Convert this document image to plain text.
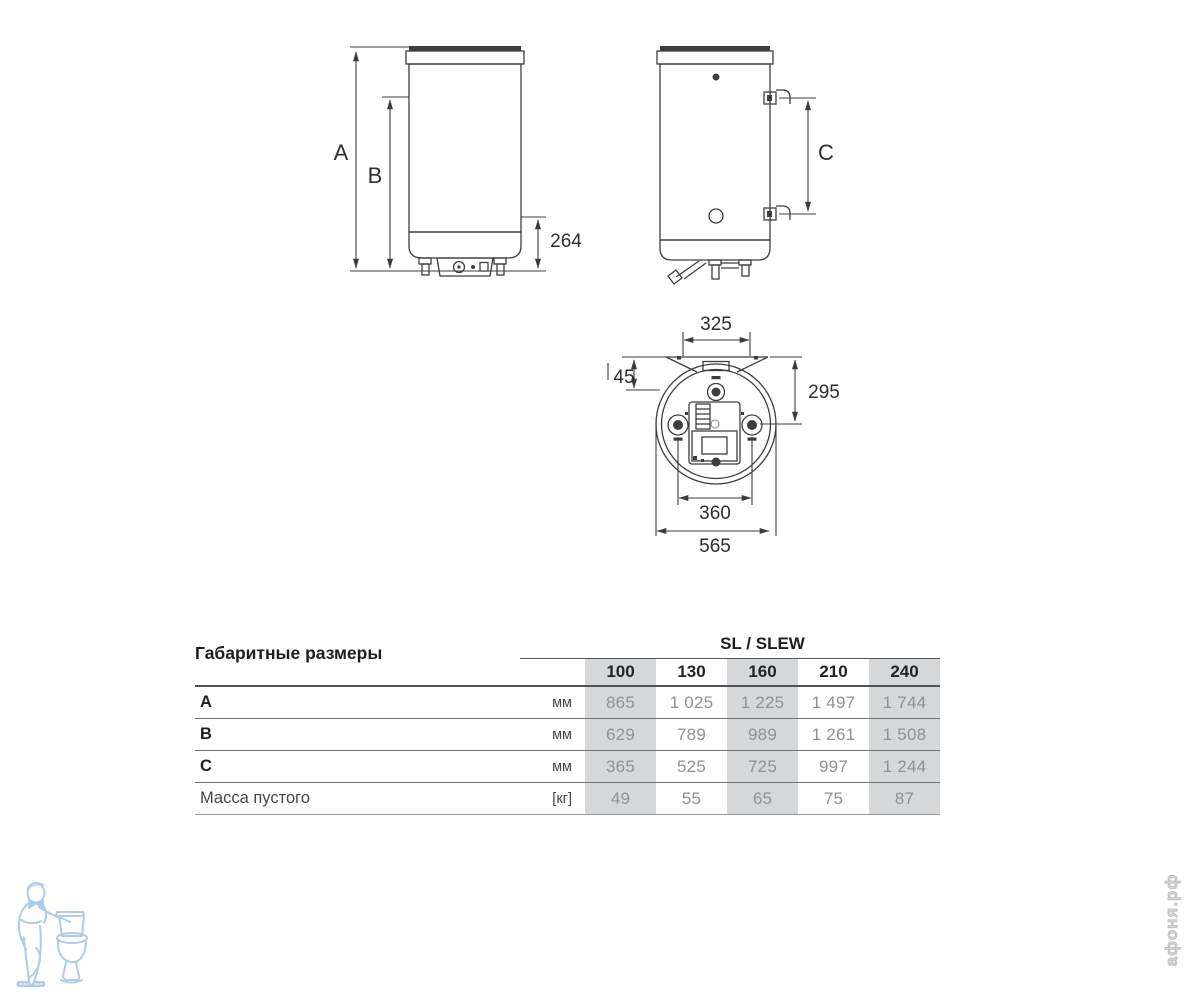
A
B
264
C
325
45
295
360
565
Габаритные размеры	SL / SLEW
100	130	160	210	240
A	мм	865	1 025	1 225	1 497	1 744
B	мм	629	789	989	1 261	1 508
C	мм	365	525	725	997	1 244
Масса пустого	[кг]	49	55	65	75	87
афоня.рф
